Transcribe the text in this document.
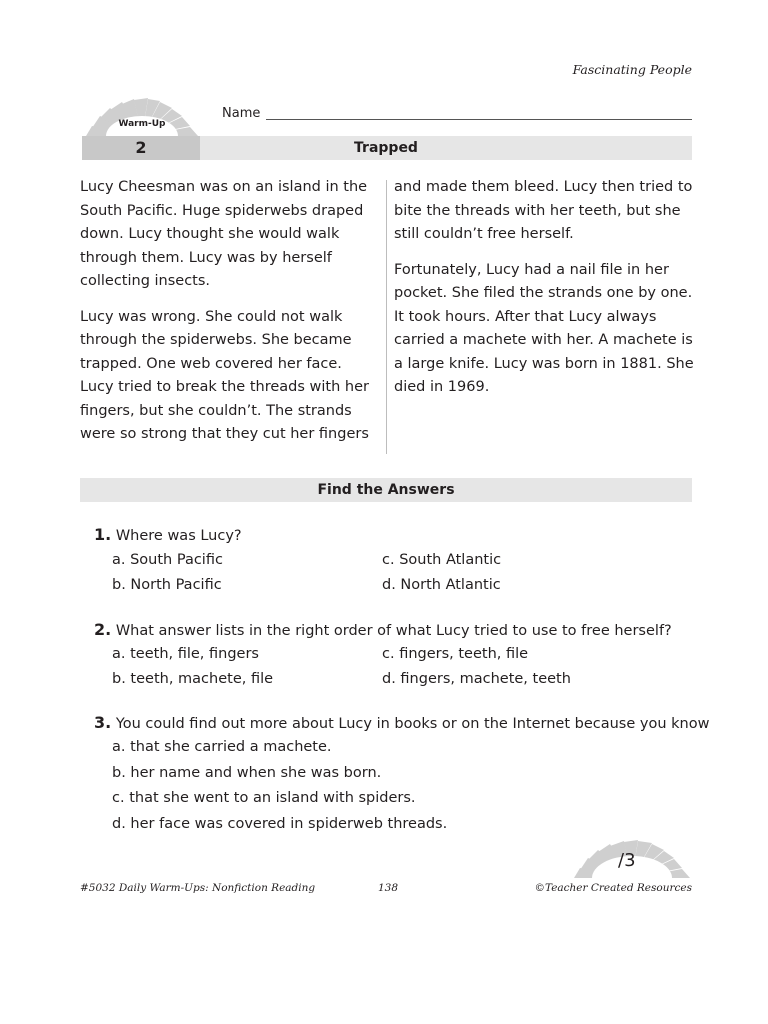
Fascinating People
Warm-Up
Name
2	Trapped

Lucy Cheesman was on an island in the South Pacific. Huge spiderwebs draped down. Lucy thought she would walk through them. Lucy was by herself collecting insects.

Lucy was wrong. She could not walk through the spiderwebs. She became trapped. One web covered her face. Lucy tried to break the threads with her fingers, but she couldn’t. The strands were so strong that they cut her fingers

and made them bleed. Lucy then tried to bite the threads with her teeth, but she still couldn’t free herself.

Fortunately, Lucy had a nail file in her pocket. She filed the strands one by one. It took hours. After that Lucy always carried a machete with her. A machete is a large knife. Lucy was born in 1881. She died in 1969.

Find the Answers
1. Where was Lucy?
a. South Pacific	c. South Atlantic
b. North Pacific	d. North Atlantic
2. What answer lists in the right order of what Lucy tried to use to free herself?
a. teeth, file, fingers	c. fingers, teeth, file
b. teeth, machete, file	d. fingers, machete, teeth
3. You could find out more about Lucy in books or on the Internet because you know
a. that she carried a machete.
b. her name and when she was born.
c. that she went to an island with spiders.
d. her face was covered in spiderweb threads.
/3
#5032 Daily Warm-Ups: Nonfiction Reading	138	©Teacher Created Resources
